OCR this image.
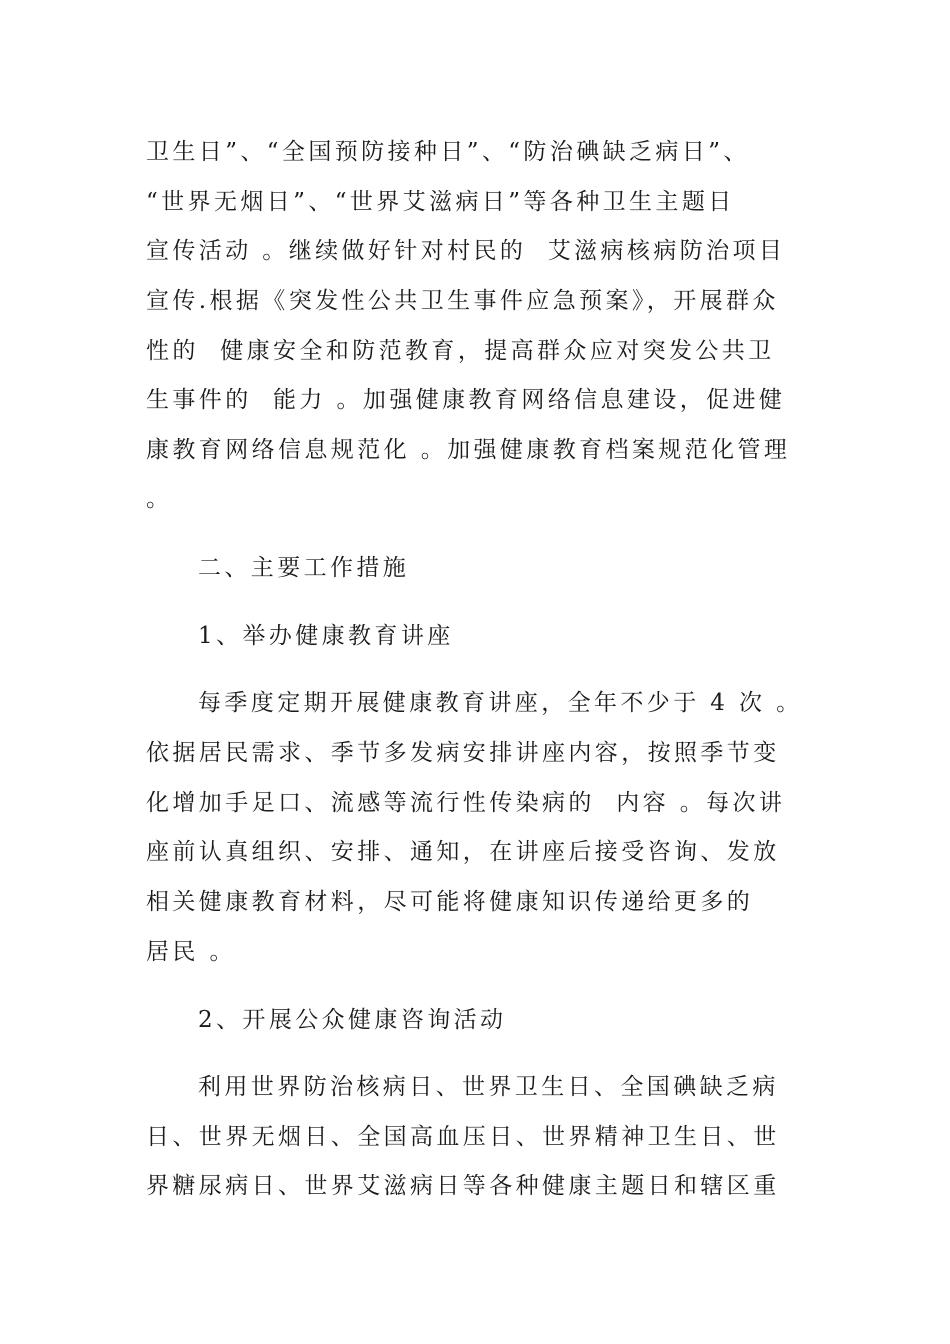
卫生日”、“全国预防接种日”、“防治碘缺乏病日”、
“世界无烟日”、“世界艾滋病日”等各种卫生主题日
宣传活动 。继续做好针对村民的  艾滋病核病防治项目
宣传.根据《突发性公共卫生事件应急预案》，开展群众
性的  健康安全和防范教育，提高群众应对突发公共卫
生事件的  能力 。加强健康教育网络信息建设，促进健
康教育网络信息规范化 。加强健康教育档案规范化管理
。
二、主要工作措施
1、举办健康教育讲座
每季度定期开展健康教育讲座，全年不少于 4 次 。
依据居民需求、季节多发病安排讲座内容，按照季节变
化增加手足口、流感等流行性传染病的  内容 。每次讲
座前认真组织、安排、通知，在讲座后接受咨询、发放
相关健康教育材料，尽可能将健康知识传递给更多的
居民 。
2、开展公众健康咨询活动
利用世界防治核病日、世界卫生日、全国碘缺乏病
日、世界无烟日、全国高血压日、世界精神卫生日、世
界糖尿病日、世界艾滋病日等各种健康主题日和辖区重
